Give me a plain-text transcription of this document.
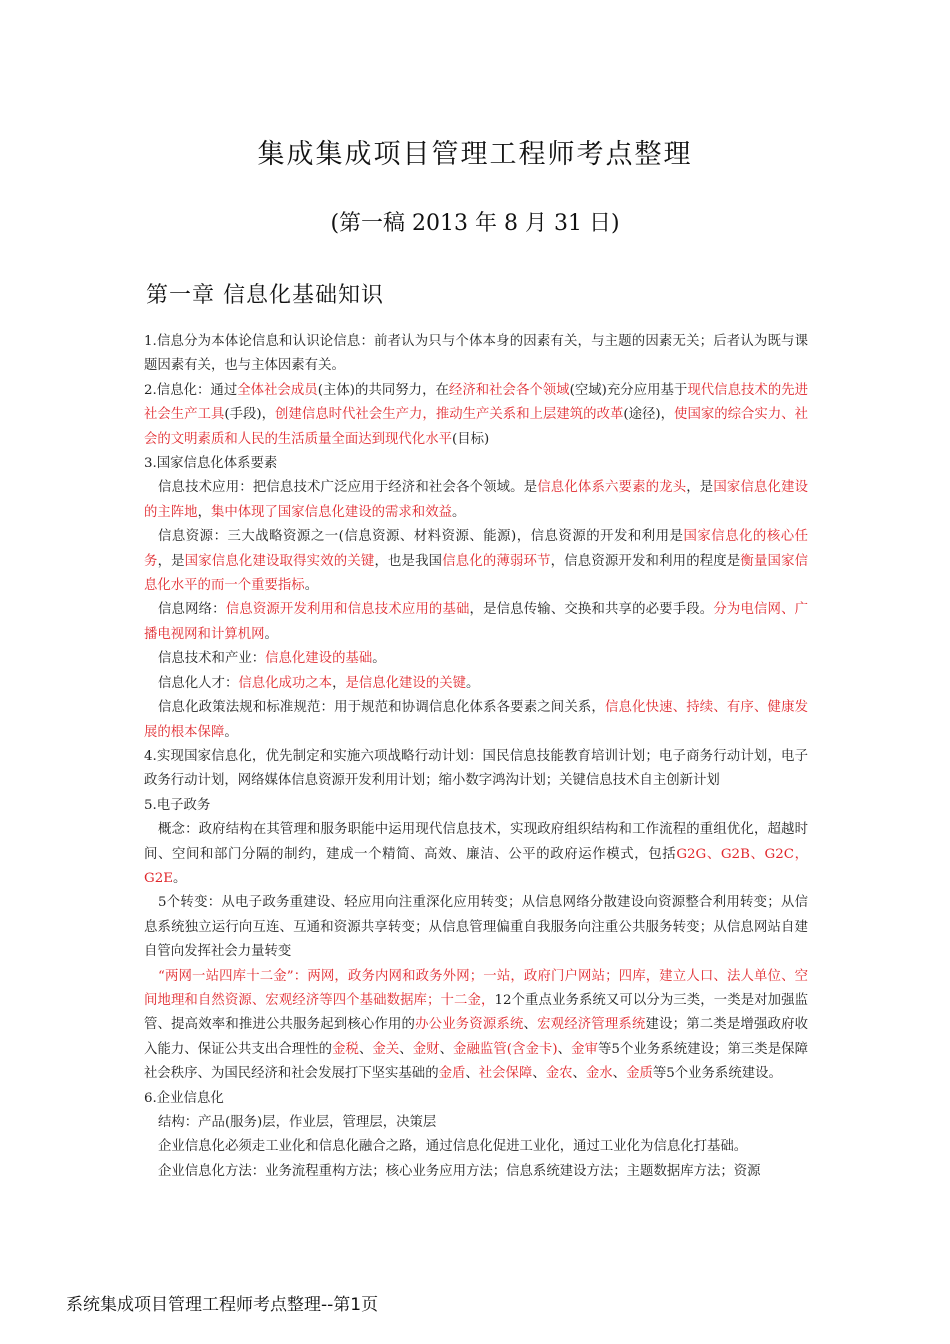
集成集成项目管理工程师考点整理
(第一稿 2013 年 8 月 31 日)
第一章 信息化基础知识

1.信息分为本体论信息和认识论信息：前者认为只与个体本身的因素有关，与主题的因素无关；后者认为既与课题因素有关，也与主体因素有关。

2.信息化：通过全体社会成员(主体)的共同努力，在经济和社会各个领域(空域)充分应用基于现代信息技术的先进社会生产工具(手段)，创建信息时代社会生产力，推动生产关系和上层建筑的改革(途径)，使国家的综合实力、社会的文明素质和人民的生活质量全面达到现代化水平(目标)

3.国家信息化体系要素

信息技术应用：把信息技术广泛应用于经济和社会各个领域。是信息化体系六要素的龙头，是国家信息化建设的主阵地，集中体现了国家信息化建设的需求和效益。

信息资源：三大战略资源之一(信息资源、材料资源、能源)，信息资源的开发和利用是国家信息化的核心任务，是国家信息化建设取得实效的关键，也是我国信息化的薄弱环节，信息资源开发和利用的程度是衡量国家信息化水平的而一个重要指标。

信息网络：信息资源开发利用和信息技术应用的基础，是信息传输、交换和共享的必要手段。分为电信网、广播电视网和计算机网。

信息技术和产业：信息化建设的基础。

信息化人才：信息化成功之本，是信息化建设的关键。

信息化政策法规和标准规范：用于规范和协调信息化体系各要素之间关系，信息化快速、持续、有序、健康发展的根本保障。

4.实现国家信息化，优先制定和实施六项战略行动计划：国民信息技能教育培训计划；电子商务行动计划，电子政务行动计划，网络媒体信息资源开发利用计划；缩小数字鸿沟计划；关键信息技术自主创新计划

5.电子政务

概念：政府结构在其管理和服务职能中运用现代信息技术，实现政府组织结构和工作流程的重组优化，超越时间、空间和部门分隔的制约，建成一个精简、高效、廉洁、公平的政府运作模式，包括G2G、G2B、G2C，G2E。

5个转变：从电子政务重建设、轻应用向注重深化应用转变；从信息网络分散建设向资源整合利用转变；从信息系统独立运行向互连、互通和资源共享转变；从信息管理偏重自我服务向注重公共服务转变；从信息网站自建自管向发挥社会力量转变

“两网一站四库十二金”：两网，政务内网和政务外网；一站，政府门户网站；四库，建立人口、法人单位、空间地理和自然资源、宏观经济等四个基础数据库；十二金，12个重点业务系统又可以分为三类，一类是对加强监管、提高效率和推进公共服务起到核心作用的办公业务资源系统、宏观经济管理系统建设；第二类是增强政府收入能力、保证公共支出合理性的金税、金关、金财、金融监管(含金卡)、金审等5个业务系统建设；第三类是保障社会秩序、为国民经济和社会发展打下坚实基础的金盾、社会保障、金农、金水、金质等5个业务系统建设。

6.企业信息化

结构：产品(服务)层，作业层，管理层，决策层

企业信息化必须走工业化和信息化融合之路，通过信息化促进工业化，通过工业化为信息化打基础。

企业信息化方法：业务流程重构方法；核心业务应用方法；信息系统建设方法；主题数据库方法；资源

系统集成项目管理工程师考点整理--第1页
